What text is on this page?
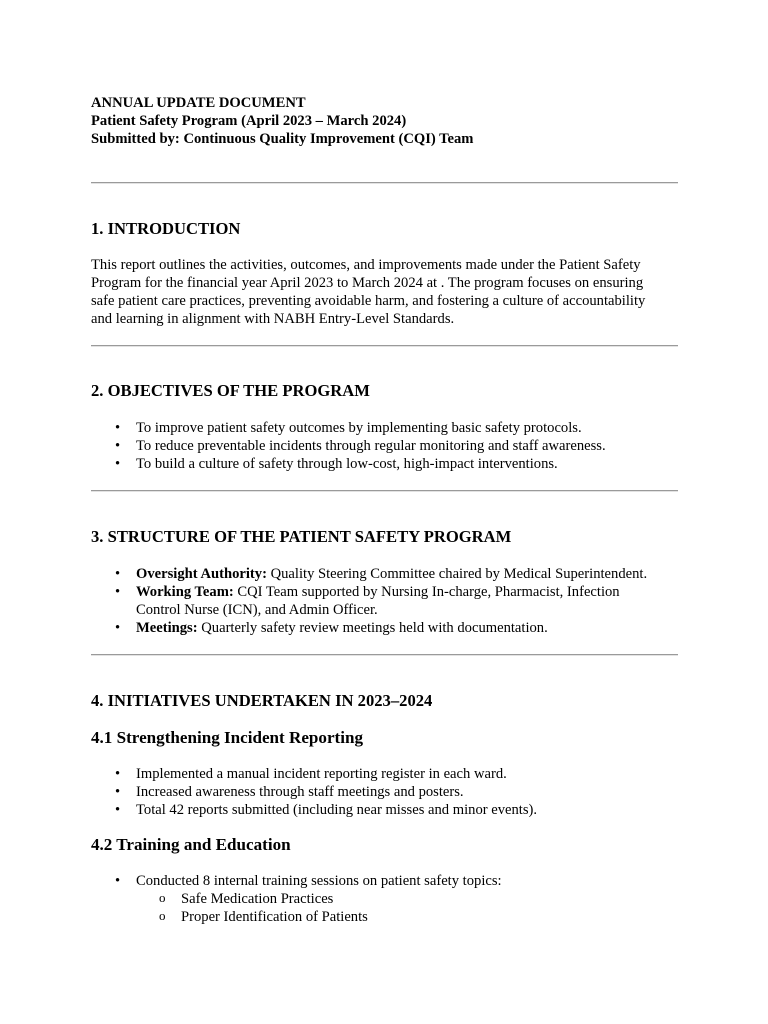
ANNUAL UPDATE DOCUMENT
Patient Safety Program (April 2023 – March 2024)
Submitted by: Continuous Quality Improvement (CQI) Team
1. INTRODUCTION
This report outlines the activities, outcomes, and improvements made under the Patient Safety
Program for the financial year April 2023 to March 2024 at . The program focuses on ensuring
safe patient care practices, preventing avoidable harm, and fostering a culture of accountability
and learning in alignment with NABH Entry-Level Standards.
2. OBJECTIVES OF THE PROGRAM
• To improve patient safety outcomes by implementing basic safety protocols.
• To reduce preventable incidents through regular monitoring and staff awareness.
• To build a culture of safety through low-cost, high-impact interventions.
3. STRUCTURE OF THE PATIENT SAFETY PROGRAM
• Oversight Authority: Quality Steering Committee chaired by Medical Superintendent.
• Working Team: CQI Team supported by Nursing In-charge, Pharmacist, Infection
Control Nurse (ICN), and Admin Officer.
• Meetings: Quarterly safety review meetings held with documentation.
4. INITIATIVES UNDERTAKEN IN 2023–2024
4.1 Strengthening Incident Reporting
• Implemented a manual incident reporting register in each ward.
• Increased awareness through staff meetings and posters.
• Total 42 reports submitted (including near misses and minor events).
4.2 Training and Education
• Conducted 8 internal training sessions on patient safety topics:
o Safe Medication Practices
o Proper Identification of Patients
